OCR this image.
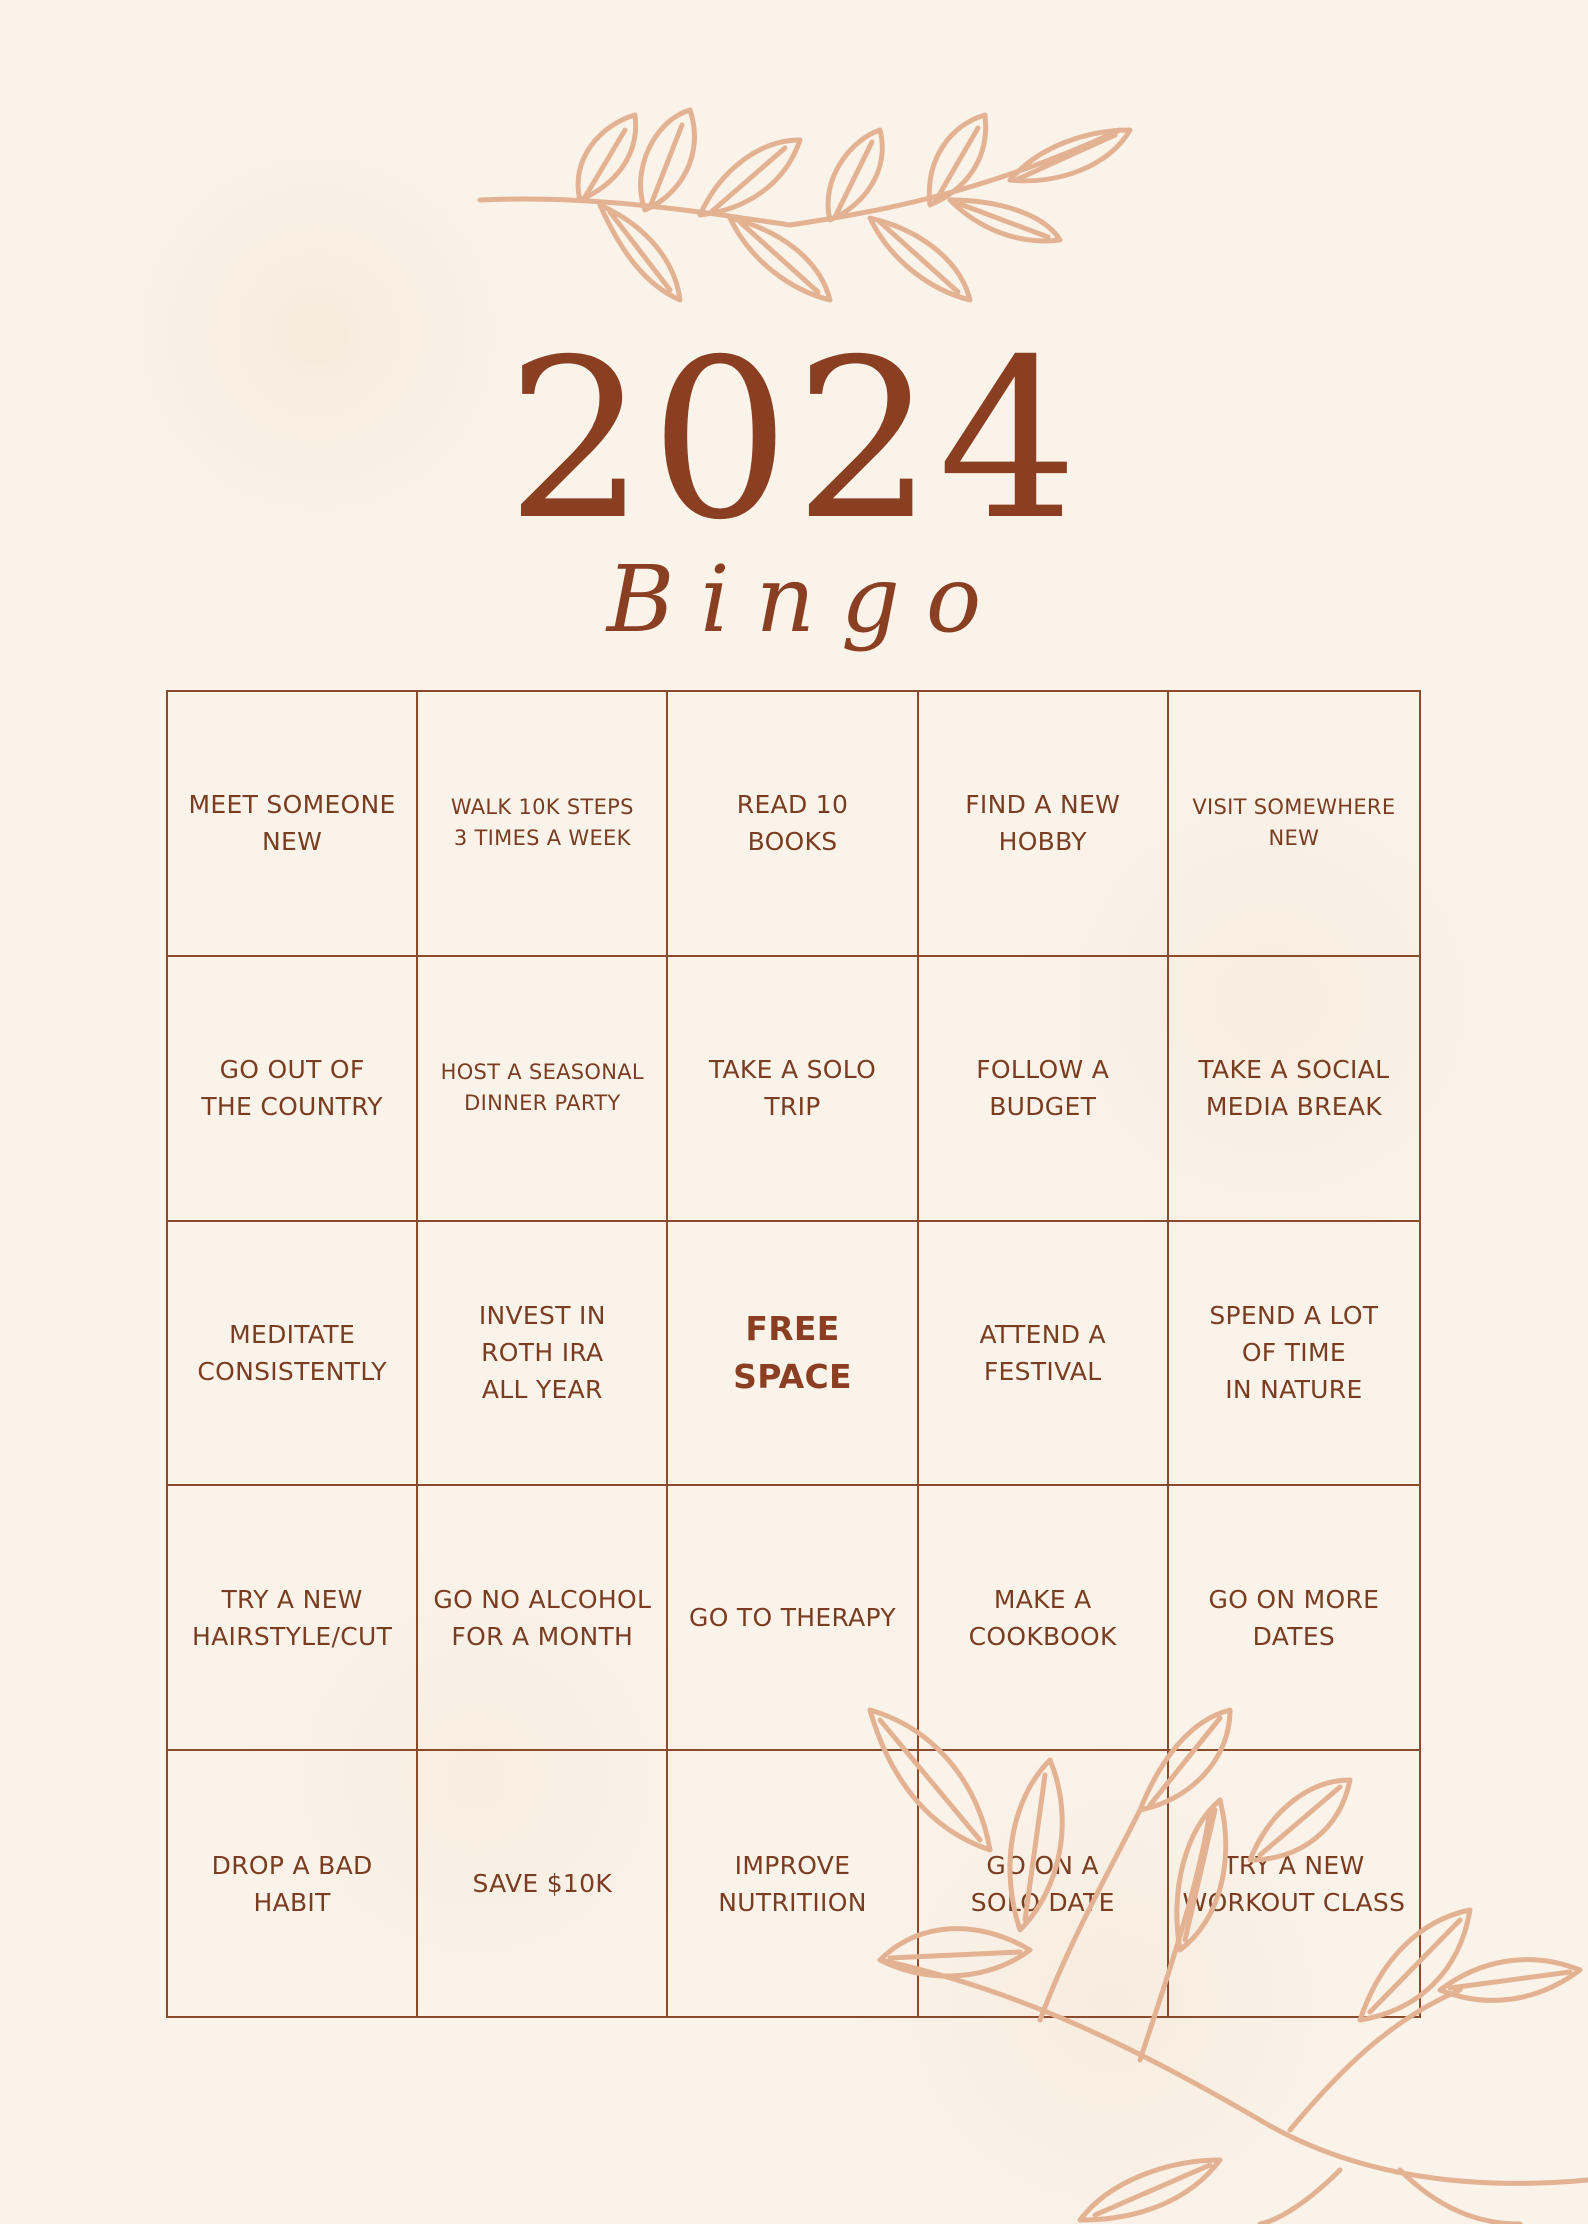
2024
Bingo
MEET SOMEONE
NEW
WALK 10K STEPS
3 TIMES A WEEK
READ 10
BOOKS
FIND A NEW
HOBBY
VISIT SOMEWHERE
NEW
GO OUT OF
THE COUNTRY
HOST A SEASONAL
DINNER PARTY
TAKE A SOLO
TRIP
FOLLOW A
BUDGET
TAKE A SOCIAL
MEDIA BREAK
MEDITATE
CONSISTENTLY
INVEST IN
ROTH IRA
ALL YEAR
FREE
SPACE
ATTEND A
FESTIVAL
SPEND A LOT
OF TIME
IN NATURE
TRY A NEW
HAIRSTYLE/CUT
GO NO ALCOHOL
FOR A MONTH
GO TO THERAPY
MAKE A
COOKBOOK
GO ON MORE
DATES
DROP A BAD
HABIT
SAVE $10K
IMPROVE
NUTRITIION
GO ON A
SOLO DATE
TRY A NEW
WORKOUT CLASS
